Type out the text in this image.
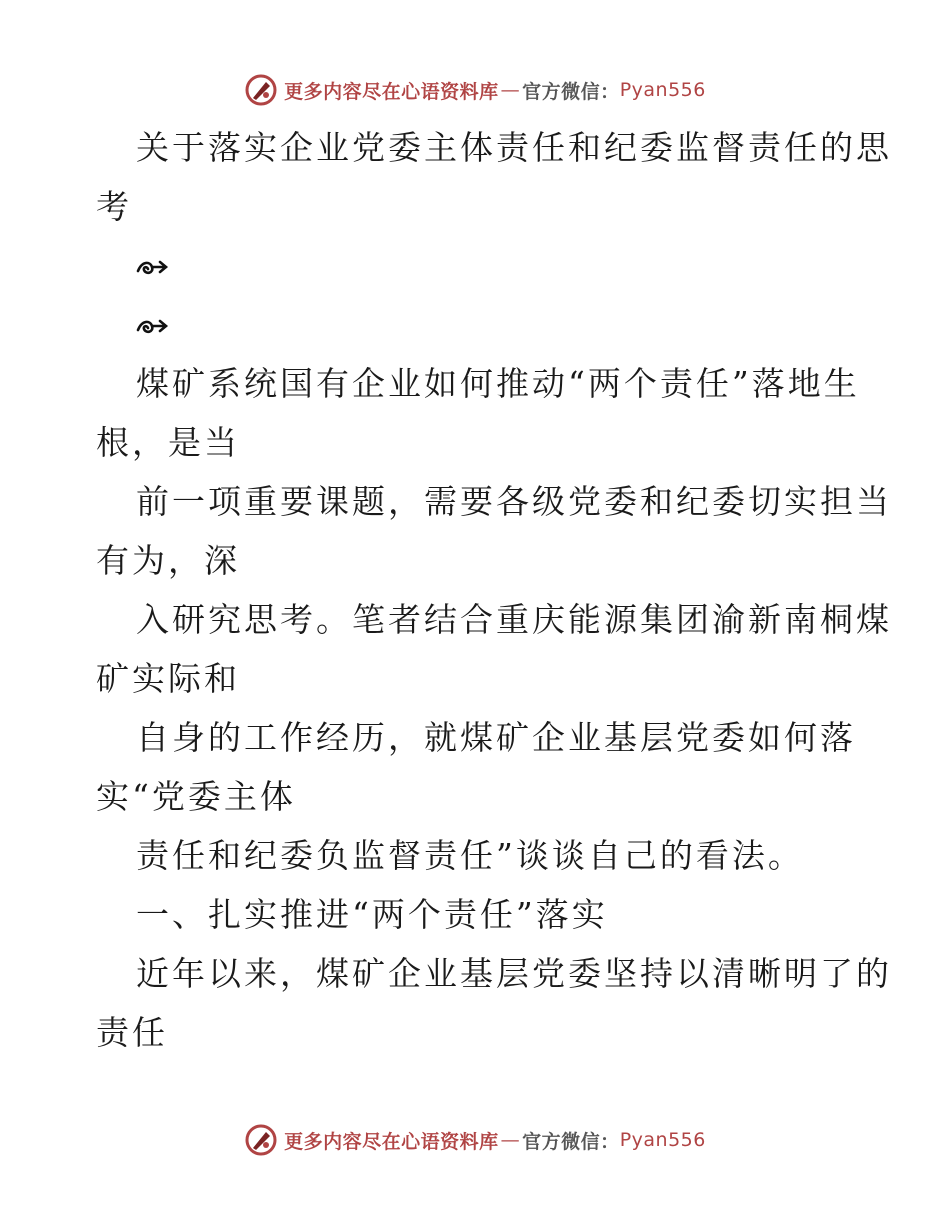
更多内容尽在心语资料库 — 官方微信： Pyan556
关于落实企业党委主体责任和纪委监督责任的思
考
煤矿系统国有企业如何推动“两个责任”落地生
根，是当
前一项重要课题，需要各级党委和纪委切实担当
有为，深
入研究思考。笔者结合重庆能源集团渝新南桐煤
矿实际和
自身的工作经历，就煤矿企业基层党委如何落
实“党委主体
责任和纪委负监督责任”谈谈自己的看法。
一、扎实推进“两个责任”落实
近年以来，煤矿企业基层党委坚持以清晰明了的
责任
更多内容尽在心语资料库 — 官方微信： Pyan556
